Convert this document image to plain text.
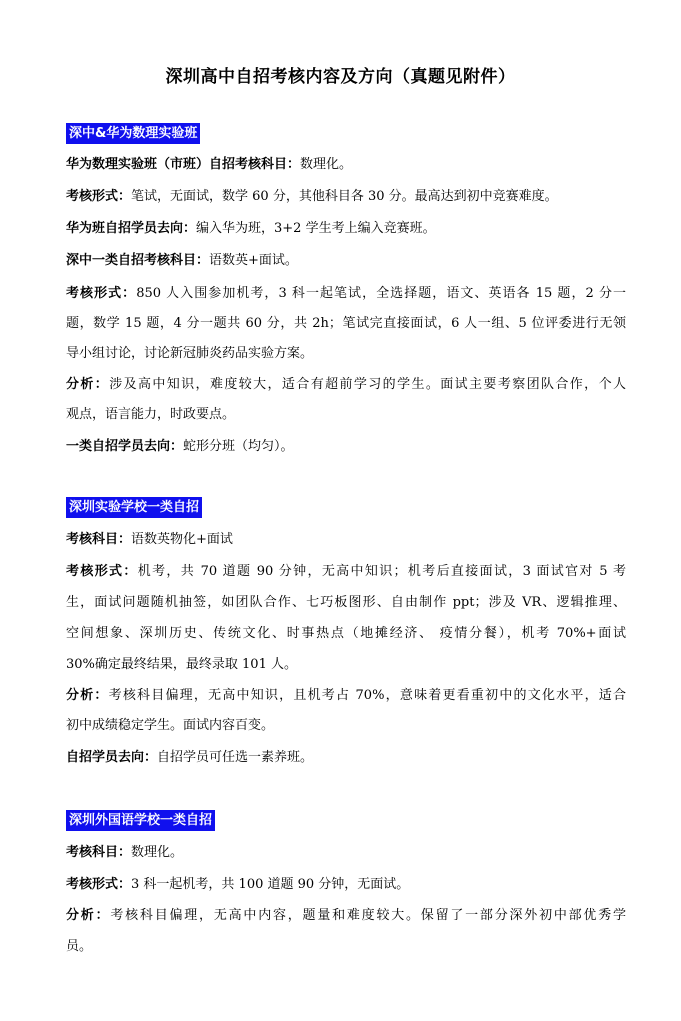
深圳高中自招考核内容及方向（真题见附件）
深中&华为数理实验班
华为数理实验班（市班）自招考核科目：数理化。
考核形式：笔试，无面试，数学 60 分，其他科目各 30 分。最高达到初中竞赛难度。
华为班自招学员去向：编入华为班，3+2 学生考上编入竞赛班。
深中一类自招考核科目：语数英+面试。
考核形式：850 人入围参加机考，3 科一起笔试，全选择题，语文、英语各 15 题，2 分一
题，数学 15 题，4 分一题共 60 分，共 2h；笔试完直接面试，6 人一组、5 位评委进行无领
导小组讨论，讨论新冠肺炎药品实验方案。
分析：涉及高中知识，难度较大，适合有超前学习的学生。面试主要考察团队合作，个人
观点，语言能力，时政要点。
一类自招学员去向：蛇形分班（均匀）。
深圳实验学校一类自招
考核科目：语数英物化+面试
考核形式：机考，共 70 道题 90 分钟，无高中知识；机考后直接面试，3 面试官对 5 考
生，面试问题随机抽签，如团队合作、七巧板图形、自由制作 ppt；涉及 VR、逻辑推理、
空间想象、深圳历史、传统文化、时事热点（地摊经济、 疫情分餐），机考 70%+面试
30%确定最终结果，最终录取 101 人。
分析：考核科目偏理，无高中知识，且机考占 70%，意味着更看重初中的文化水平，适合
初中成绩稳定学生。面试内容百变。
自招学员去向：自招学员可任选一素养班。
深圳外国语学校一类自招
考核科目：数理化。
考核形式：3 科一起机考，共 100 道题 90 分钟，无面试。
分析：考核科目偏理，无高中内容，题量和难度较大。保留了一部分深外初中部优秀学
员。
